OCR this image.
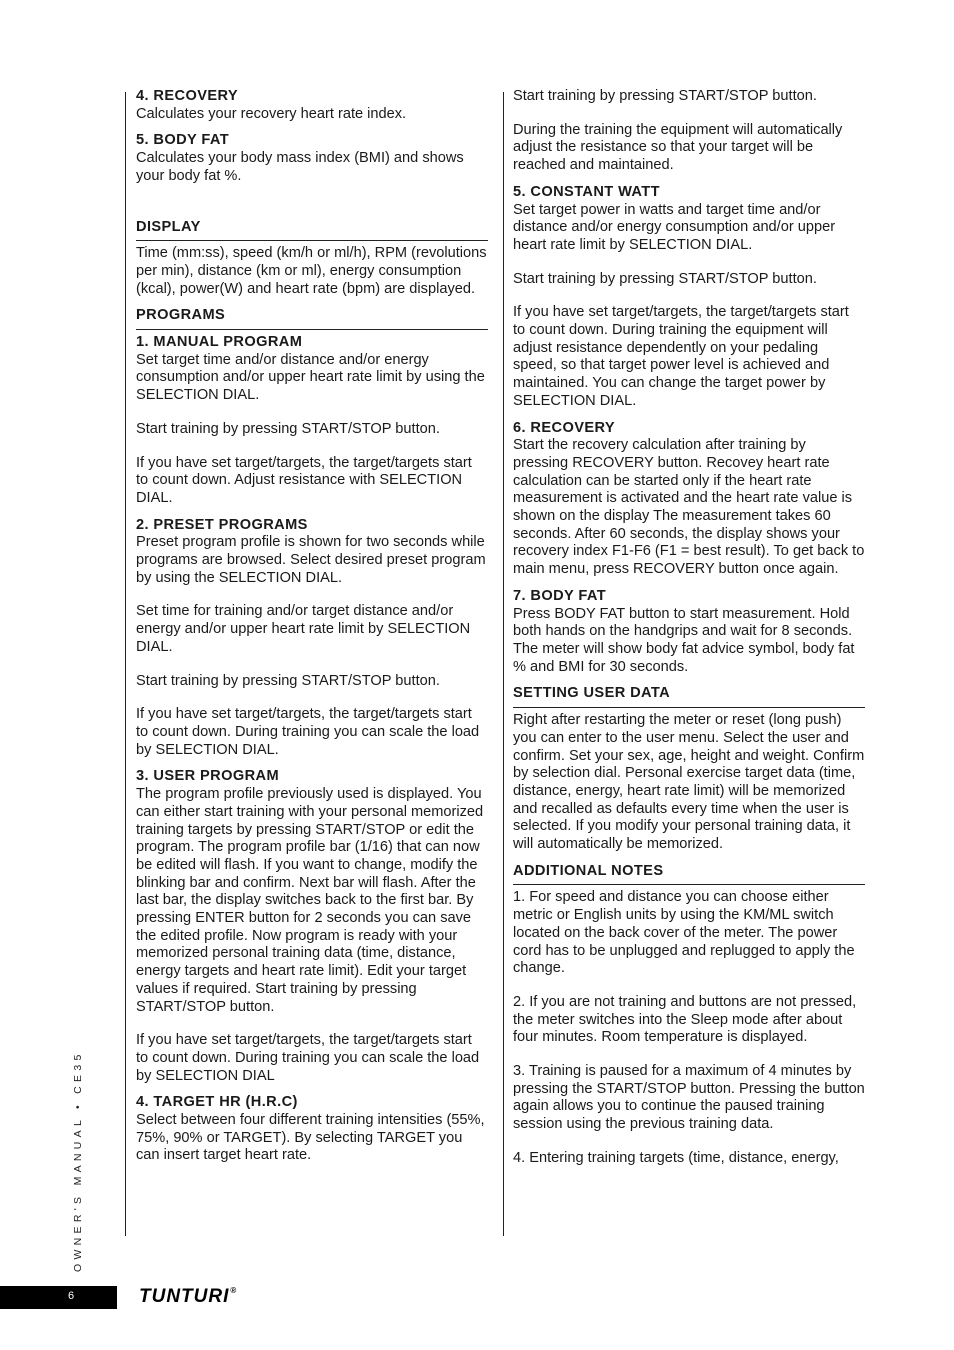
4. RECOVERY

Calculates your recovery heart rate index.

5. BODY FAT

Calculates your body mass index (BMI) and shows your body fat %.

DISPLAY

Time (mm:ss), speed (km/h or ml/h), RPM (revolutions per min), distance (km or ml), energy consumption (kcal), power(W) and heart rate (bpm) are displayed.

PROGRAMS
1. MANUAL PROGRAM

Set target time and/or distance and/or energy consumption and/or upper heart rate limit by using the SELECTION DIAL.

Start training by pressing START/STOP button.

If you have set target/targets, the target/targets start to count down. Adjust resistance with SELECTION DIAL.

2. PRESET PROGRAMS

Preset program profile is shown for two seconds while programs are browsed. Select desired preset program by using the SELECTION DIAL.

Set time for training and/or target distance and/or energy and/or upper heart rate limit by SELECTION DIAL.

Start training by pressing START/STOP button.

If you have set target/targets, the target/targets start to count down. During training you can scale the load by SELECTION DIAL.

3. USER PROGRAM

The program profile previously used is displayed. You can either start training with your personal memorized training targets by pressing START/STOP or edit the program. The program profile bar (1/16) that can now be edited will flash. If you want to change, modify the blinking bar and confirm. Next bar will flash. After the last bar, the display switches back to the first bar. By pressing ENTER button for 2 seconds you can save the edited profile. Now program is ready with your memorized personal training data (time, distance, energy targets and heart rate limit). Edit your target values if required. Start training by pressing START/STOP button.

If you have set target/targets, the target/targets start to count down. During training you can scale the load by SELECTION DIAL

4. TARGET HR (H.R.C)

Select between four different training intensities (55%, 75%, 90% or TARGET). By selecting TARGET you can insert target heart rate.

Start training by pressing START/STOP button.

During the training the equipment will automatically adjust the resistance so that your target will be reached and maintained.

5. CONSTANT WATT

Set target power in watts and target time and/or distance and/or energy consumption and/or upper heart rate limit by SELECTION DIAL.

Start training by pressing START/STOP button.

If you have set target/targets, the target/targets start to count down. During training the equipment will adjust resistance dependently on your pedaling speed, so that target power level is achieved and maintained. You can change the target power by SELECTION DIAL.

6. RECOVERY

Start the recovery calculation after training by pressing RECOVERY button. Recovey heart rate calculation can be started only if the heart rate measurement is activated and the heart rate value is shown on the display The measurement takes 60 seconds. After 60 seconds, the display shows your recovery index F1-F6 (F1 = best result). To get back to main menu, press RECOVERY button once again.

7. BODY FAT

Press BODY FAT button to start measurement. Hold both hands on the handgrips and wait for 8 seconds. The meter will show body fat advice symbol, body fat % and BMI for 30 seconds.

SETTING USER DATA

Right after restarting the meter or reset (long push) you can enter to the user menu. Select the user and confirm. Set your sex, age, height and weight. Confirm by selection dial. Personal exercise target data (time, distance, energy, heart rate limit) will be memorized and recalled as defaults every time when the user is selected. If you modify your personal training data, it will automatically be memorized.

ADDITIONAL NOTES

1. For speed and distance you can choose either metric or English units by using the KM/ML switch located on the back cover of the meter. The power cord has to be unplugged and replugged to apply the change.

2. If you are not training and buttons are not pressed, the meter switches into the Sleep mode after about four minutes. Room temperature is displayed.

3. Training is paused for a maximum of 4 minutes by pressing the START/STOP button. Pressing the button again allows you to continue the paused training session using the previous training data.

4. Entering training targets (time, distance, energy,

OWNER'S MANUAL • CE35
6	TUNTURI®
